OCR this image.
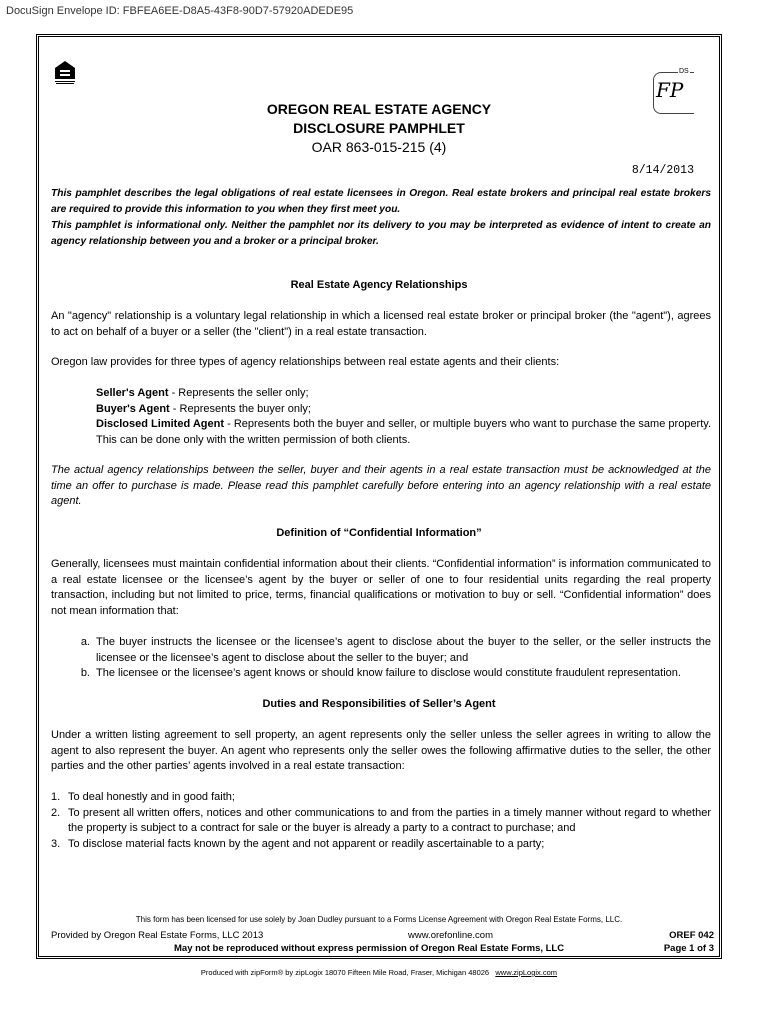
DocuSign Envelope ID: FBFEA6EE-D8A5-43F8-90D7-57920ADEDE95
DS
FP
OREGON REAL ESTATE AGENCY
DISCLOSURE PAMPHLET
OAR 863-015-215 (4)
8/14/2013
This pamphlet describes the legal obligations of real estate licensees in Oregon. Real estate brokers and principal real estate brokers are required to provide this information to you when they first meet you.
This pamphlet is informational only. Neither the pamphlet nor its delivery to you may be interpreted as evidence of intent to create an agency relationship between you and a broker or a principal broker.
Real Estate Agency Relationships
An "agency" relationship is a voluntary legal relationship in which a licensed real estate broker or principal broker (the "agent"), agrees to act on behalf of a buyer or a seller (the "client") in a real estate transaction.
Oregon law provides for three types of agency relationships between real estate agents and their clients:
Seller's Agent - Represents the seller only;
Buyer's Agent - Represents the buyer only;
Disclosed Limited Agent - Represents both the buyer and seller, or multiple buyers who want to purchase the same property. This can be done only with the written permission of both clients.
The actual agency relationships between the seller, buyer and their agents in a real estate transaction must be acknowledged at the time an offer to purchase is made. Please read this pamphlet carefully before entering into an agency relationship with a real estate agent.
Definition of “Confidential Information”
Generally, licensees must maintain confidential information about their clients. “Confidential information” is information communicated to a real estate licensee or the licensee’s agent by the buyer or seller of one to four residential units regarding the real property transaction, including but not limited to price, terms, financial qualifications or motivation to buy or sell. “Confidential information” does not mean information that:
a. The buyer instructs the licensee or the licensee’s agent to disclose about the buyer to the seller, or the seller instructs the licensee or the licensee’s agent to disclose about the seller to the buyer; and
b. The licensee or the licensee’s agent knows or should know failure to disclose would constitute fraudulent representation.
Duties and Responsibilities of Seller’s Agent
Under a written listing agreement to sell property, an agent represents only the seller unless the seller agrees in writing to allow the agent to also represent the buyer. An agent who represents only the seller owes the following affirmative duties to the seller, the other parties and the other parties’ agents involved in a real estate transaction:
1. To deal honestly and in good faith;
2. To present all written offers, notices and other communications to and from the parties in a timely manner without regard to whether the property is subject to a contract for sale or the buyer is already a party to a contract to purchase; and
3. To disclose material facts known by the agent and not apparent or readily ascertainable to a party;
This form has been licensed for use solely by Joan Dudley pursuant to a Forms License Agreement with Oregon Real Estate Forms, LLC.
Provided by Oregon Real Estate Forms, LLC 2013	www.orefonline.com	OREF 042
May not be reproduced without express permission of Oregon Real Estate Forms, LLC	Page 1 of 3
Produced with zipForm® by zipLogix 18070 Fifteen Mile Road, Fraser, Michigan 48026 www.zipLogix.com
